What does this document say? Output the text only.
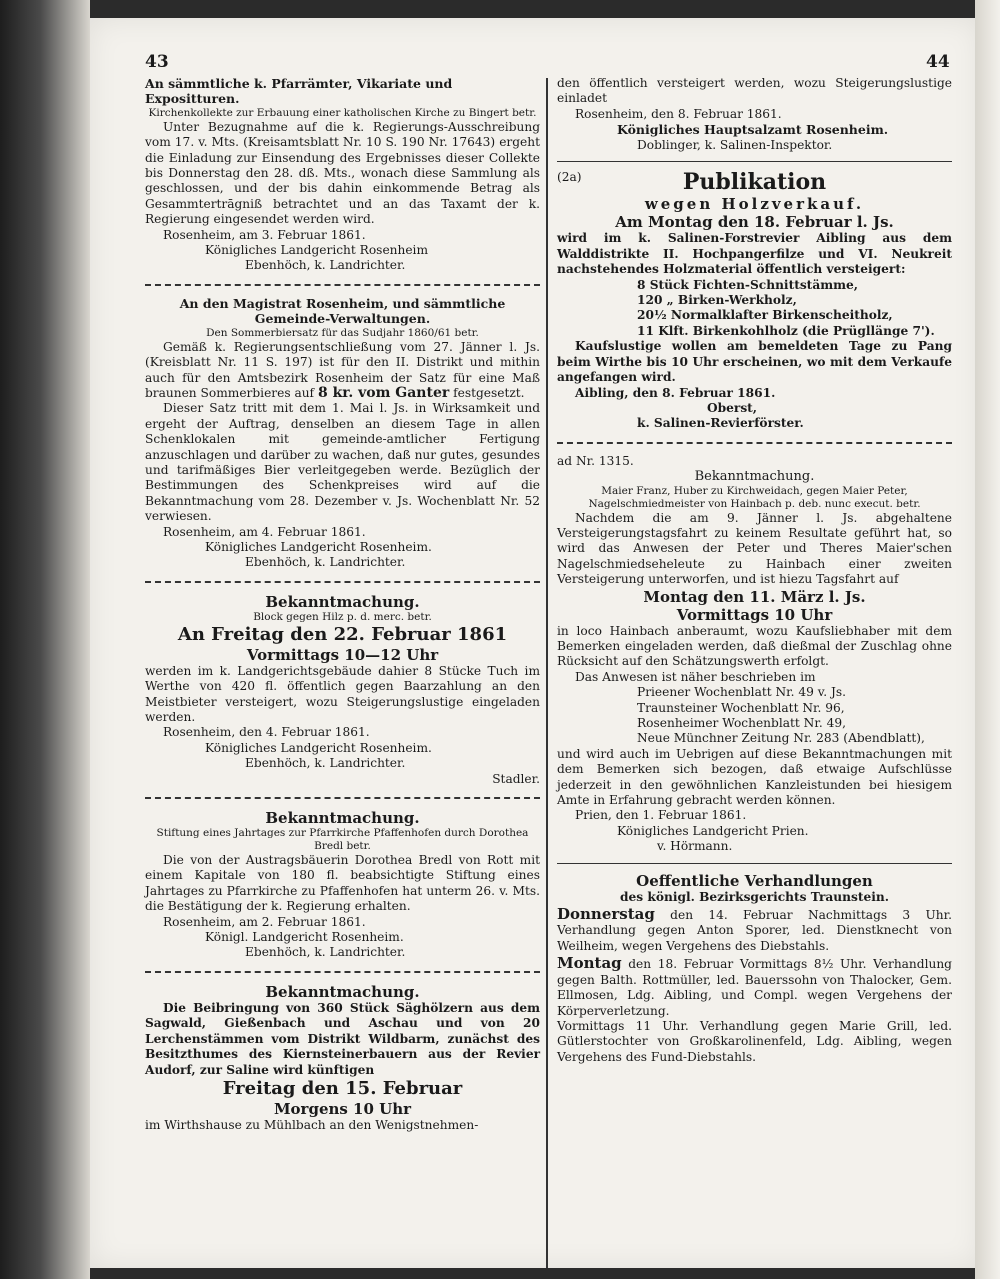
43	44

An sämmtliche k. Pfarrämter, Vikariate und Expositturen.

Kirchenkollekte zur Erbauung einer katholischen Kirche zu Bingert betr.

Unter Bezugnahme auf die k. Regierungs-Ausschreibung vom 17. v. Mts. (Kreisamtsblatt Nr. 10 S. 190 Nr. 17643) ergeht die Einladung zur Einsendung des Ergebnisses dieser Collekte bis Donnerstag den 28. dß. Mts., wonach diese Sammlung als geschlossen, und der bis dahin einkommende Betrag als Gesammtertrāgniß betrachtet und an das Taxamt der k. Regierung eingesendet werden wird.

Rosenheim, am 3. Februar 1861.

Königliches Landgericht Rosenheim

Ebenhöch, k. Landrichter.

An den Magistrat Rosenheim, und sämmtliche Gemeinde-Verwaltungen.

Den Sommerbiersatz für das Sudjahr 1860/61 betr.

Gemäß k. Regierungsentschließung vom 27. Jänner l. Js. (Kreisblatt Nr. 11 S. 197) ist für den II. Distrikt und mithin auch für den Amtsbezirk Rosenheim der Satz für eine Maß braunen Sommerbieres auf 8 kr. vom Ganter festgesetzt.

Dieser Satz tritt mit dem 1. Mai l. Js. in Wirksamkeit und ergeht der Auftrag, denselben an diesem Tage in allen Schenklokalen mit gemeinde-amtlicher Fertigung anzuschlagen und darüber zu wachen, daß nur gutes, gesundes und tarifmäßiges Bier verleitgegeben werde. Bezüglich der Bestimmungen des Schenkpreises wird auf die Bekanntmachung vom 28. Dezember v. Js. Wochenblatt Nr. 52 verwiesen.

Rosenheim, am 4. Februar 1861.

Königliches Landgericht Rosenheim.

Ebenhöch, k. Landrichter.

Bekanntmachung.

Block gegen Hilz p. d. merc. betr.

An Freitag den 22. Februar 1861

Vormittags 10—12 Uhr

werden im k. Landgerichtsgebäude dahier 8 Stücke Tuch im Werthe von 420 fl. öffentlich gegen Baarzahlung an den Meistbieter versteigert, wozu Steigerungslustige eingeladen werden.

Rosenheim, den 4. Februar 1861.

Königliches Landgericht Rosenheim.

Ebenhöch, k. Landrichter.

Stadler.

Bekanntmachung.

Stiftung eines Jahrtages zur Pfarrkirche Pfaffenhofen durch Dorothea Bredl betr.

Die von der Austragsbäuerin Dorothea Bredl von Rott mit einem Kapitale von 180 fl. beabsichtigte Stiftung eines Jahrtages zu Pfarrkirche zu Pfaffenhofen hat unterm 26. v. Mts. die Bestätigung der k. Regierung erhalten.

Rosenheim, am 2. Februar 1861.

Königl. Landgericht Rosenheim.

Ebenhöch, k. Landrichter.

Bekanntmachung.

Die Beibringung von 360 Stück Säghölzern aus dem Sagwald, Gießenbach und Aschau und von 20 Lerchenstämmen vom Distrikt Wildbarm, zunächst des Besitzthumes des Kiernsteinerbauern aus der Revier Audorf, zur Saline wird künftigen

Freitag den 15. Februar

Morgens 10 Uhr

im Wirthshause zu Mühlbach an den Wenigstnehmen-

den öffentlich versteigert werden, wozu Steigerungslustige einladet

Rosenheim, den 8. Februar 1861.

Königliches Hauptsalzamt Rosenheim.

Doblinger, k. Salinen-Inspektor.

(2a)	Publikation

wegen Holzverkauf.

Am Montag den 18. Februar l. Js.

wird im k. Salinen-Forstrevier Aibling aus dem Walddistrikte II. Hochpangerfilze und VI. Neukreit nachstehendes Holzmaterial öffentlich versteigert:

8 Stück Fichten-Schnittstämme,

120 „ Birken-Werkholz,

20½ Normalklafter Birkenscheitholz,

11 Klft. Birkenkohlholz (die Prügllänge 7').

Kaufslustige wollen am bemeldeten Tage zu Pang beim Wirthe bis 10 Uhr erscheinen, wo mit dem Verkaufe angefangen wird.

Aibling, den 8. Februar 1861.

Oberst,

k. Salinen-Revierförster.

ad Nr. 1315.

Bekanntmachung.

Maier Franz, Huber zu Kirchweidach, gegen Maier Peter, Nagelschmiedmeister von Hainbach p. deb. nunc execut. betr.

Nachdem die am 9. Jänner l. Js. abgehaltene Versteigerungstagsfahrt zu keinem Resultate geführt hat, so wird das Anwesen der Peter und Theres Maier'schen Nagelschmiedseheleute zu Hainbach einer zweiten Versteigerung unterworfen, und ist hiezu Tagsfahrt auf

Montag den 11. März l. Js.

Vormittags 10 Uhr

in loco Hainbach anberaumt, wozu Kaufsliebhaber mit dem Bemerken eingeladen werden, daß dießmal der Zuschlag ohne Rücksicht auf den Schätzungswerth erfolgt.

Das Anwesen ist näher beschrieben im

Prieener Wochenblatt Nr. 49 v. Js.

Traunsteiner Wochenblatt Nr. 96,

Rosenheimer Wochenblatt Nr. 49,

Neue Münchner Zeitung Nr. 283 (Abendblatt),

und wird auch im Uebrigen auf diese Bekanntmachungen mit dem Bemerken sich bezogen, daß etwaige Aufschlüsse jederzeit in den gewöhnlichen Kanzleistunden bei hiesigem Amte in Erfahrung gebracht werden können.

Prien, den 1. Februar 1861.

Königliches Landgericht Prien.

v. Hörmann.

Oeffentliche Verhandlungen

des königl. Bezirksgerichts Traunstein.

Donnerstag den 14. Februar Nachmittags 3 Uhr. Verhandlung gegen Anton Sporer, led. Dienstknecht von Weilheim, wegen Vergehens des Diebstahls.

Montag den 18. Februar Vormittags 8½ Uhr. Verhandlung gegen Balth. Rottmüller, led. Bauerssohn von Thalocker, Gem. Ellmosen, Ldg. Aibling, und Compl. wegen Vergehens der Körperverletzung.

Vormittags 11 Uhr. Verhandlung gegen Marie Grill, led. Gütlerstochter von Großkarolinenfeld, Ldg. Aibling, wegen Vergehens des Fund-Diebstahls.
